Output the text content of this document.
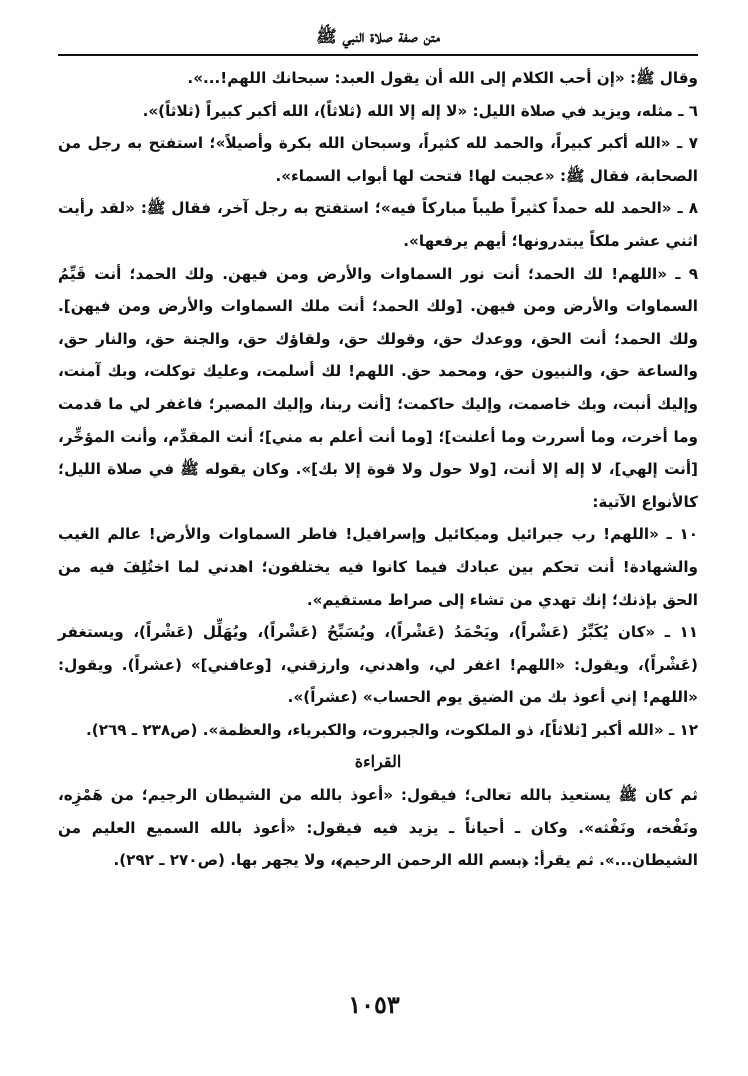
متن صفة صلاة النبي ﷺ

وقال ﷺ: «إن أحب الكلام إلى الله أن يقول العبد: سبحانك اللهم!...».

٦ ـ مثله، ويزيد في صلاة الليل: «لا إله إلا الله (ثلاثاً)، الله أكبر كبيراً (ثلاثاً)».

٧ ـ «الله أكبر كبيراً، والحمد لله كثيراً، وسبحان الله بكرة وأصيلاً»؛ استفتح به رجل من الصحابة، فقال ﷺ: «عجبت لها! فتحت لها أبواب السماء».

٨ ـ «الحمد لله حمداً كثيراً طيباً مباركاً فيه»؛ استفتح به رجل آخر، فقال ﷺ: «لقد رأيت اثني عشر ملكاً يبتدرونها؛ أيهم يرفعها».

٩ ـ «اللهم! لك الحمد؛ أنت نور السماوات والأرض ومن فيهن. ولك الحمد؛ أنت قَيِّمُ السماوات والأرض ومن فيهن. [ولك الحمد؛ أنت ملك السماوات والأرض ومن فيهن]. ولك الحمد؛ أنت الحق، ووعدك حق، وقولك حق، ولقاؤك حق، والجنة حق، والنار حق، والساعة حق، والنبيون حق، ومحمد حق. اللهم! لك أسلمت، وعليك توكلت، وبك آمنت، وإليك أنبت، وبك خاصمت، وإليك حاكمت؛ [أنت ربنا، وإليك المصير؛ فاغفر لي ما قدمت وما أخرت، وما أسررت وما أعلنت]؛ [وما أنت أعلم به مني]؛ أنت المقدِّم، وأنت المؤخِّر، [أنت إلهي]، لا إله إلا أنت، [ولا حول ولا قوة إلا بك]». وكان يقوله ﷺ في صلاة الليل؛ كالأنواع الآتية:

١٠ ـ «اللهم! رب جبرائيل وميكائيل وإسرافيل! فاطر السماوات والأرض! عالم الغيب والشهادة! أنت تحكم بين عبادك فيما كانوا فيه يختلفون؛ اهدني لما اختُلِفَ فيه من الحق بإذنك؛ إنك تهدي من تشاء إلى صراط مستقيم».

١١ ـ «كان يُكَبِّرُ (عَشْراً)، ويَحْمَدُ (عَشْراً)، ويُسَبِّحُ (عَشْراً)، ويُهَلِّل (عَشْراً)، ويستغفر (عَشْراً)، ويقول: «اللهم! اغفر لي، واهدني، وارزقني، [وعافني]» (عشراً). ويقول: «اللهم! إني أعوذ بك من الضيق يوم الحساب» (عشراً)».

١٢ ـ «الله أكبر [ثلاثاً]، ذو الملكوت، والجبروت، والكبرياء، والعظمة». (ص٢٣٨ ـ ٢٦٩).

القراءة

ثم كان ﷺ يستعيذ بالله تعالى؛ فيقول: «أعوذ بالله من الشيطان الرجيم؛ من هَمْزِه، ونَفْخه، ونَفْثه». وكان ـ أحياناً ـ يزيد فيه فيقول: «أعوذ بالله السميع العليم من الشيطان...». ثم يقرأ: ﴿بسم الله الرحمن الرحيم﴾، ولا يجهر بها. (ص٢٧٠ ـ ٢٩٢).

١٠٥٣
